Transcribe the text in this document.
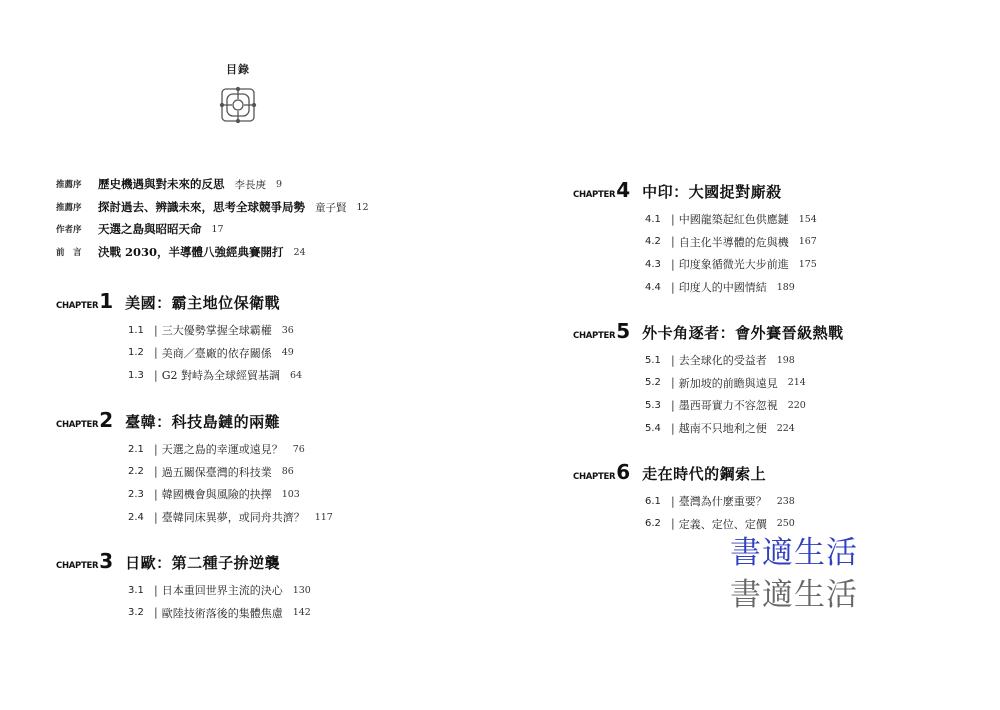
目錄
推薦序	歷史機遇與對未來的反思 李長庚 9
推薦序	探討過去、辨識未來，思考全球競爭局勢 童子賢 12
作者序	天選之島與昭昭天命 17
前　言	決戰 2030，半導體八強經典賽開打 24
CHAPTER 1 美國：霸主地位保衛戰
1.1 | 三大優勢掌握全球霸權 36
1.2 | 美商／臺廠的依存關係 49
1.3 | G2 對峙為全球經貿基調 64
CHAPTER 2 臺韓：科技島鏈的兩難
2.1 | 天選之島的幸運或遠見？ 76
2.2 | 過五關保臺灣的科技業 86
2.3 | 韓國機會與風險的抉擇 103
2.4 | 臺韓同床異夢，或同舟共濟？ 117
CHAPTER 3 日歐：第二種子拚逆襲
3.1 | 日本重回世界主流的決心 130
3.2 | 歐陸技術落後的集體焦慮 142
CHAPTER 4 中印：大國捉對廝殺
4.1 | 中國龍築起紅色供應鏈 154
4.2 | 自主化半導體的危與機 167
4.3 | 印度象循微光大步前進 175
4.4 | 印度人的中國情結 189
CHAPTER 5 外卡角逐者：會外賽晉級熱戰
5.1 | 去全球化的受益者 198
5.2 | 新加坡的前瞻與遠見 214
5.3 | 墨西哥實力不容忽視 220
5.4 | 越南不只地利之便 224
CHAPTER 6 走在時代的鋼索上
6.1 | 臺灣為什麼重要？ 238
6.2 | 定義、定位、定價 250
書適生活
書適生活
